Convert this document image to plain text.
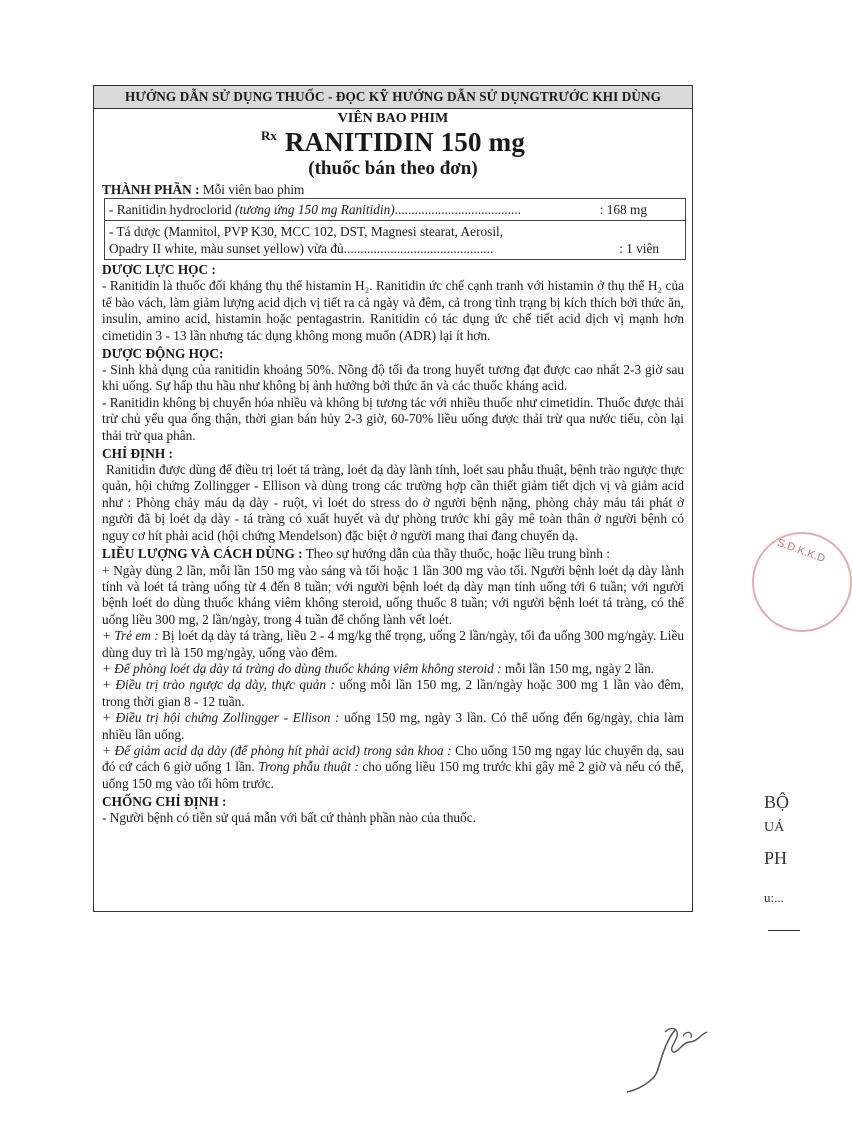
HƯỚNG DẪN SỬ DỤNG THUỐC - ĐỌC KỸ HƯỚNG DẪN SỬ DỤNGTRƯỚC KHI DÙNG
VIÊN BAO PHIM
Rx RANITIDIN 150 mg
(thuốc bán theo đơn)
THÀNH PHẦN : Mỗi viên bao phim
- Ranitidin hydroclorid (tương ứng 150 mg Ranitidin)......................................	: 168 mg
- Tá dược (Mannitol, PVP K30, MCC 102, DST, Magnesi stearat, Aerosil,
Opadry II white, màu sunset yellow) vừa đủ.............................................	: 1 viên
DƯỢC LỰC HỌC :

- Ranitidin là thuốc đối kháng thụ thể histamin H₂. Ranitidin ức chế cạnh tranh với histamin ở thụ thể H₂ của tế bào vách, làm giảm lượng acid dịch vị tiết ra cả ngày và đêm, cả trong tình trạng bị kích thích bởi thức ăn, insulin, amino acid, histamin hoặc pentagastrin. Ranitidin có tác dụng ức chế tiết acid dịch vị mạnh hơn cimetidin 3 - 13 lần nhưng tác dụng không mong muốn (ADR) lại ít hơn.

DƯỢC ĐỘNG HỌC:

- Sinh khả dụng của ranitidin khoảng 50%. Nồng độ tối đa trong huyết tương đạt được cao nhất 2-3 giờ sau khi uống. Sự hấp thu hầu như không bị ảnh hưởng bởi thức ăn và các thuốc kháng acid.

- Ranitidin không bị chuyển hóa nhiều và không bị tương tác với nhiều thuốc như cimetidin. Thuốc được thải trừ chủ yếu qua ống thận, thời gian bán hủy 2-3 giờ, 60-70% liều uống được thải trừ qua nước tiểu, còn lại thải trừ qua phân.

CHỈ ĐỊNH :

Ranitidin được dùng để điều trị loét tá tràng, loét dạ dày lành tính, loét sau phẫu thuật, bệnh trào ngược thực quản, hội chứng Zollingger - Ellison và dùng trong các trường hợp cần thiết giảm tiết dịch vị và giảm acid như : Phòng chảy máu dạ dày - ruột, vì loét do stress do ở người bệnh nặng, phòng chảy máu tái phát ở người đã bị loét dạ dày - tá tràng có xuất huyết và dự phòng trước khi gây mê toàn thân ở người bệnh có nguy cơ hít phải acid (hội chứng Mendelson) đặc biệt ở người mang thai đang chuyển dạ.

LIỀU LƯỢNG VÀ CÁCH DÙNG : Theo sự hướng dẫn của thầy thuốc, hoặc liều trung bình :

+ Ngày dùng 2 lần, mỗi lần 150 mg vào sáng và tối hoặc 1 lần 300 mg vào tối. Người bệnh loét dạ dày lành tính và loét tá tràng uống từ 4 đến 8 tuần; với người bệnh loét dạ dày mạn tính uống tới 6 tuần; với người bệnh loét do dùng thuốc kháng viêm không steroid, uống thuốc 8 tuần; với người bệnh loét tá tràng, có thể uống liều 300 mg, 2 lần/ngày, trong 4 tuần để chống lành vết loét.

+ Trẻ em : Bị loét dạ dày tá tràng, liều 2 - 4 mg/kg thể trọng, uống 2 lần/ngày, tối đa uống 300 mg/ngày. Liều dùng duy trì là 150 mg/ngày, uống vào đêm.

+ Để phòng loét dạ dày tá tràng do dùng thuốc kháng viêm không steroid : mỗi lần 150 mg, ngày 2 lần.

+ Điều trị trào ngược dạ dày, thực quản : uống mỗi lần 150 mg, 2 lần/ngày hoặc 300 mg 1 lần vào đêm, trong thời gian 8 - 12 tuần.

+ Điều trị hội chứng Zollingger - Ellison : uống 150 mg, ngày 3 lần. Có thể uống đến 6g/ngày, chia làm nhiều lần uống.

+ Để giảm acid dạ dày (để phòng hít phải acid) trong sản khoa : Cho uống 150 mg ngay lúc chuyển dạ, sau đó cứ cách 6 giờ uống 1 lần. Trong phẫu thuật : cho uống liều 150 mg trước khi gây mê 2 giờ và nếu có thể, uống 150 mg vào tối hôm trước.

CHỐNG CHỈ ĐỊNH :

- Người bệnh có tiền sử quá mẫn với bất cứ thành phần nào của thuốc.

S.Đ.K.K.D
BỘ
UÁ
PH
u:...
